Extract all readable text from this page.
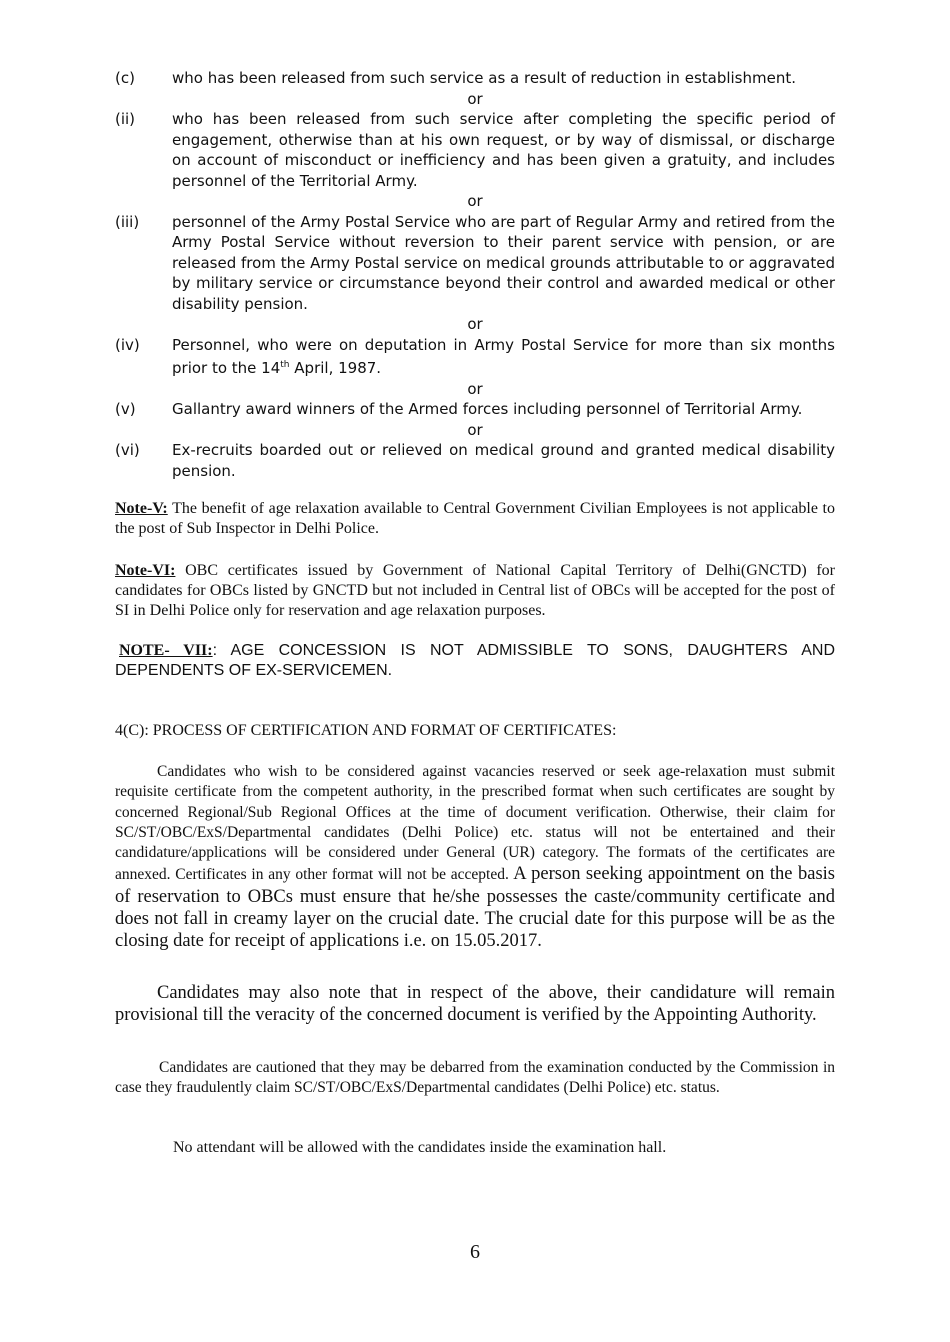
(c)	who has been released from such service as a result of reduction in establishment.
or
(ii)	who has been released from such service after completing the specific period of engagement, otherwise than at his own request, or by way of dismissal, or discharge on account of misconduct or inefficiency and has been given a gratuity, and includes personnel of the Territorial Army.
or
(iii)	personnel of the Army Postal Service who are part of Regular Army and retired from the Army Postal Service without reversion to their parent service with pension, or are released from the Army Postal service on medical grounds attributable to or aggravated by military service or circumstance beyond their control and awarded medical or other disability pension.
or
(iv)	Personnel, who were on deputation in Army Postal Service for more than six months prior to the 14th April, 1987.
or
(v)	Gallantry award winners of the Armed forces including personnel of Territorial Army.
or
(vi)	Ex-recruits boarded out or relieved on medical ground and granted medical disability pension.
Note-V: The benefit of age relaxation available to Central Government Civilian Employees is not applicable to the post of Sub Inspector in Delhi Police.
Note-VI: OBC certificates issued by Government of National Capital Territory of Delhi(GNCTD) for candidates for OBCs listed by GNCTD but not included in Central list of OBCs will be accepted for the post of SI in Delhi Police only for reservation and age relaxation purposes.
NOTE- VII:: AGE CONCESSION IS NOT ADMISSIBLE TO SONS, DAUGHTERS AND DEPENDENTS OF EX-SERVICEMEN.
4(C): PROCESS OF CERTIFICATION AND FORMAT OF CERTIFICATES:
Candidates who wish to be considered against vacancies reserved or seek age-relaxation must submit requisite certificate from the competent authority, in the prescribed format when such certificates are sought by concerned Regional/Sub Regional Offices at the time of document verification. Otherwise, their claim for SC/ST/OBC/ExS/Departmental candidates (Delhi Police) etc. status will not be entertained and their candidature/applications will be considered under General (UR) category. The formats of the certificates are annexed. Certificates in any other format will not be accepted. A person seeking appointment on the basis of reservation to OBCs must ensure that he/she possesses the caste/community certificate and does not fall in creamy layer on the crucial date. The crucial date for this purpose will be as the closing date for receipt of applications i.e. on 15.05.2017.
Candidates may also note that in respect of the above, their candidature will remain provisional till the veracity of the concerned document is verified by the Appointing Authority.
Candidates are cautioned that they may be debarred from the examination conducted by the Commission in case they fraudulently claim SC/ST/OBC/ExS/Departmental candidates (Delhi Police) etc. status.
No attendant will be allowed with the candidates inside the examination hall.
6
